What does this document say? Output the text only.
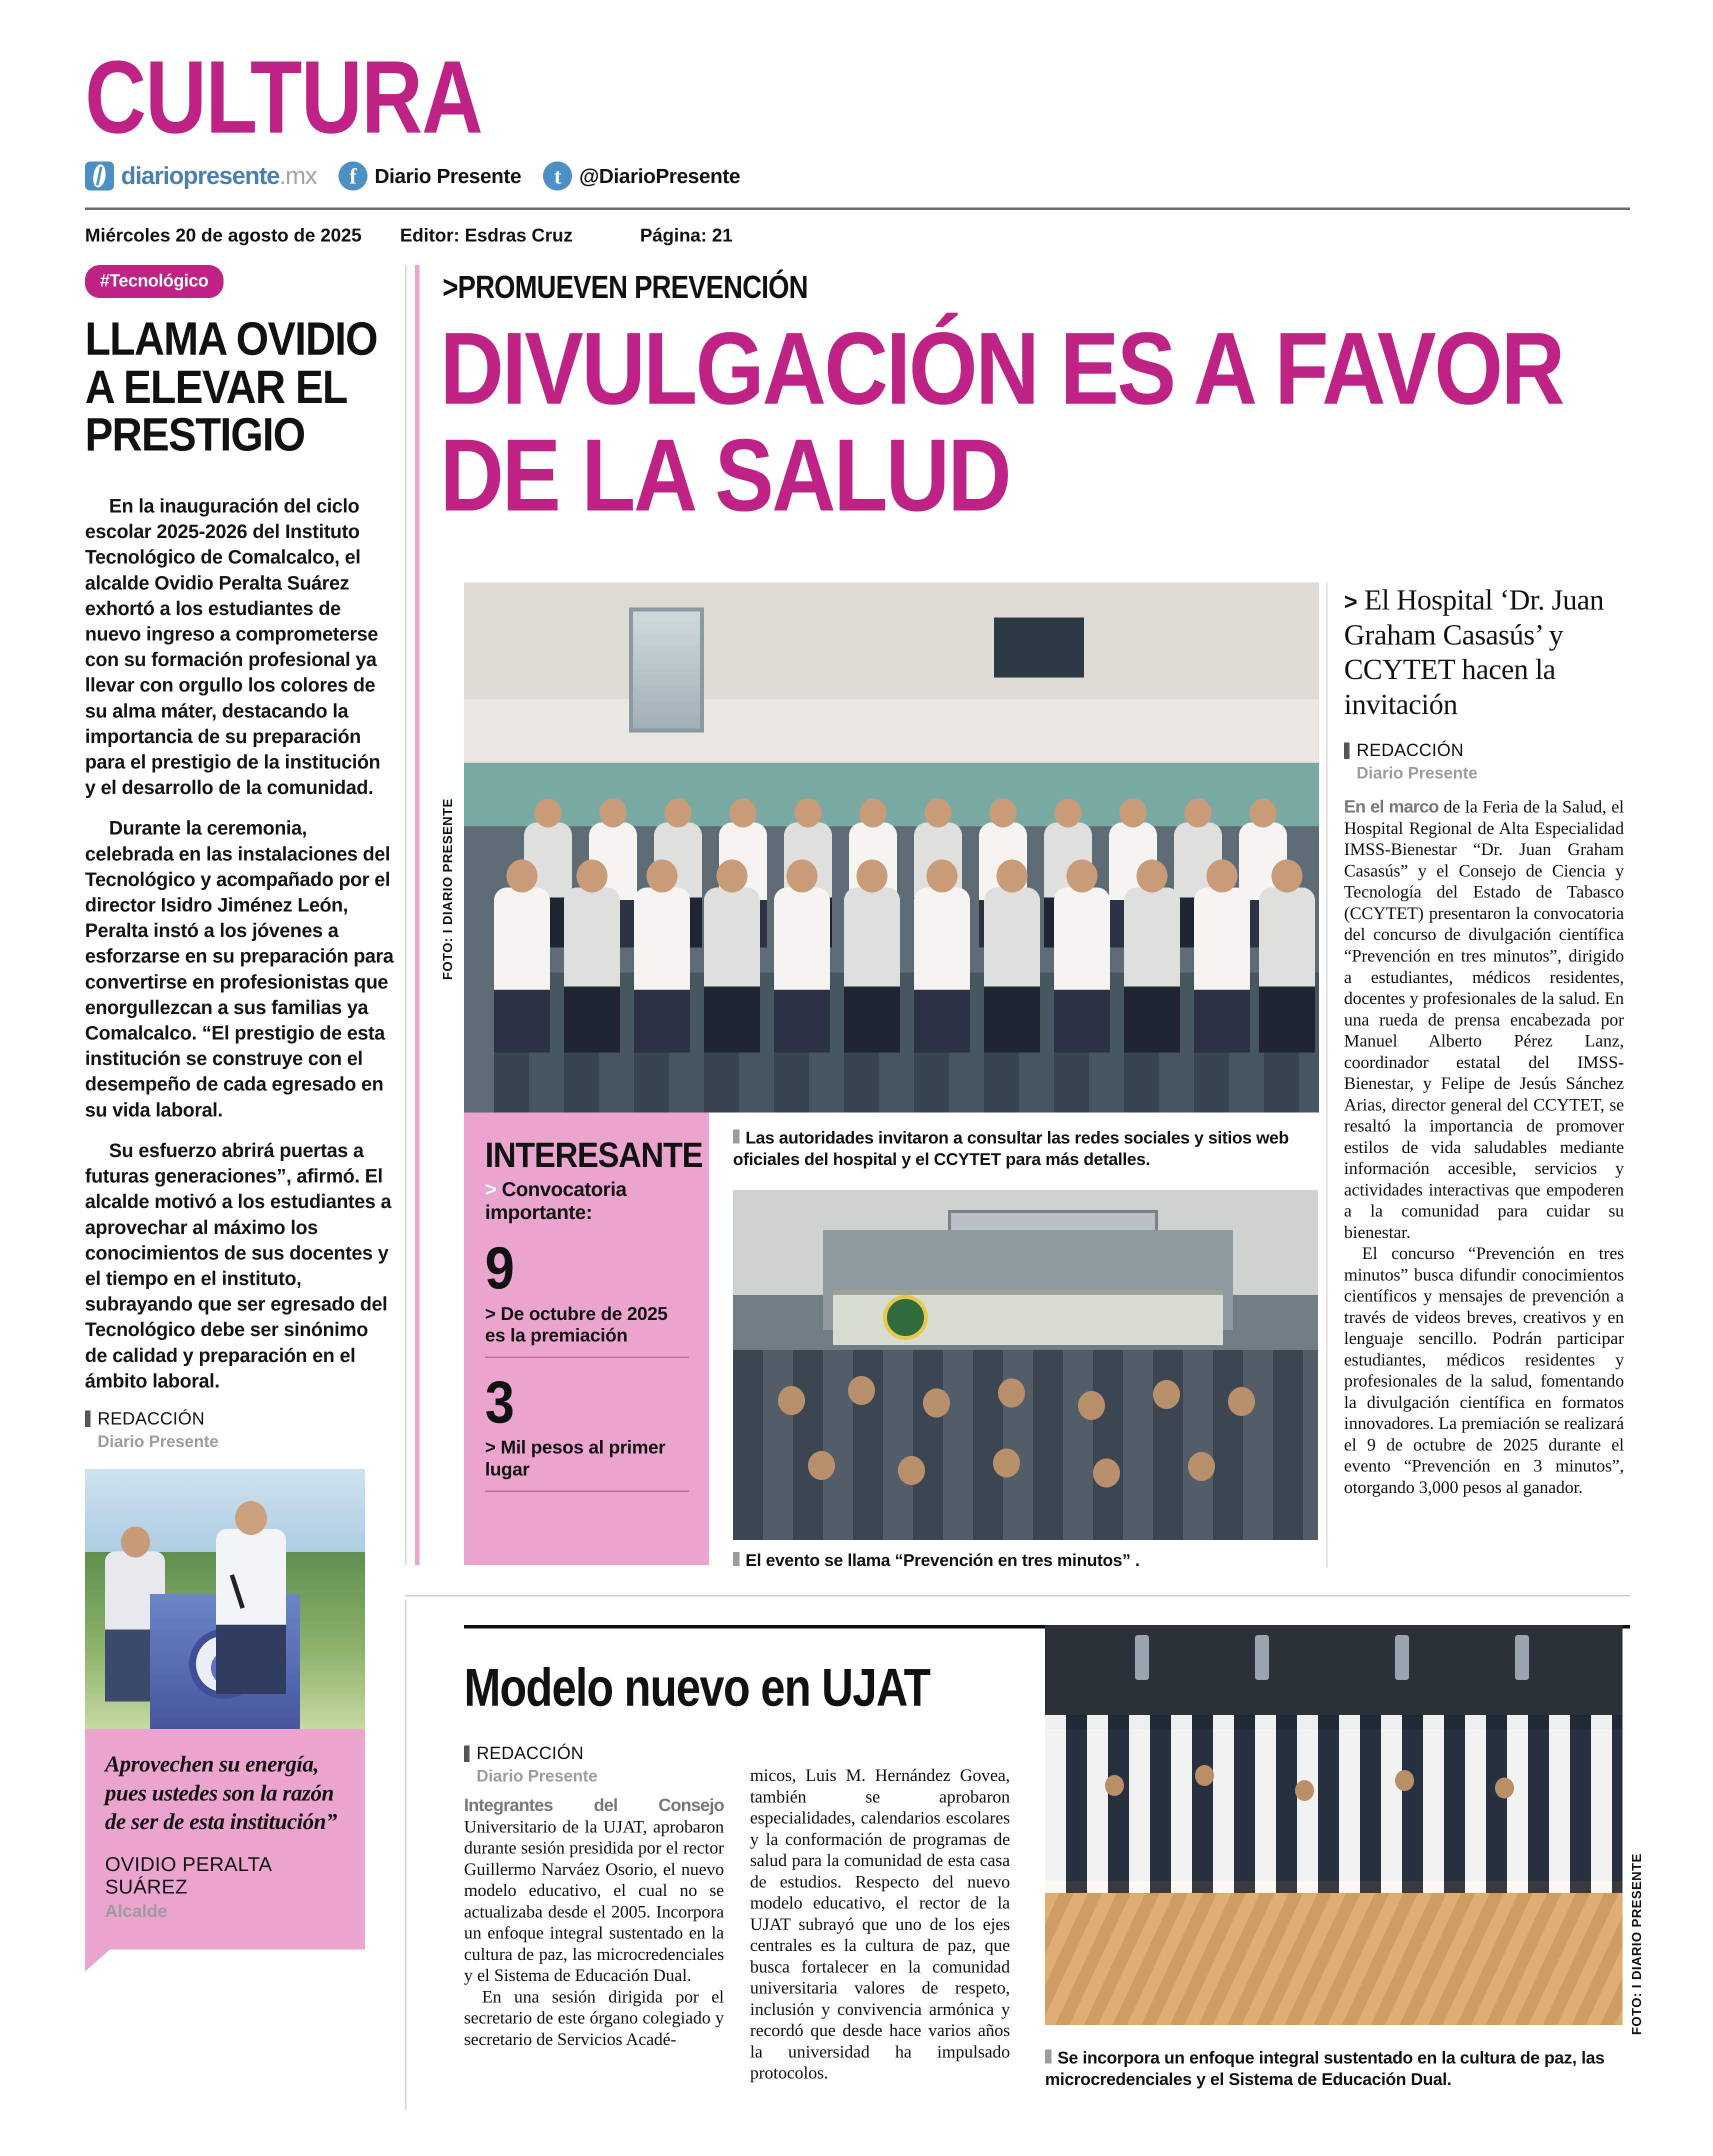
CULTURA
diariopresente.mx	f Diario Presente	t @DiarioPresente
Miércoles 20 de agosto de 2025	Editor: Esdras Cruz	Página: 21
#Tecnológico
LLAMA OVIDIO A ELEVAR EL PRESTIGIO

En la inauguración del ciclo escolar 2025-2026 del Instituto Tecnológico de Comalcalco, el alcalde Ovidio Peralta Suárez exhortó a los estudiantes de nuevo ingreso a comprometerse con su formación profesional ya llevar con orgullo los colores de su alma máter, destacando la importancia de su preparación para el prestigio de la institución y el desarrollo de la comunidad.

Durante la ceremonia, celebrada en las instalaciones del Tecnológico y acompañado por el director Isidro Jiménez León, Peralta instó a los jóvenes a esforzarse en su preparación para convertirse en profesionistas que enorgullezcan a sus familias ya Comalcalco. “El prestigio de esta institución se construye con el desempeño de cada egresado en su vida laboral.

Su esfuerzo abrirá puertas a futuras generaciones”, afirmó. El alcalde motivó a los estudiantes a aprovechar al máximo los conocimientos de sus docentes y el tiempo en el instituto, subrayando que ser egresado del Tecnológico debe ser sinónimo de calidad y preparación en el ámbito laboral.

REDACCIÓN
Diario Presente
Aprovechen su energía, pues ustedes son la razón de ser de esta institución”
OVIDIO PERALTA SUÁREZ
Alcalde
>PROMUEVEN PREVENCIÓN
DIVULGACIÓN ES A FAVOR DE LA SALUD
FOTO: I DIARIO PRESENTE
INTERESANTE
> Convocatoria importante:
9
> De octubre de 2025 es la premiación
3
> Mil pesos al primer lugar
Las autoridades invitaron a consultar las redes sociales y sitios web oficiales del hospital y el CCYTET para más detalles.
El evento se llama “Prevención en tres minutos” .
> El Hospital ‘Dr. Juan Graham Casasús’ y CCYTET hacen la invitación
REDACCIÓN
Diario Presente

En el marco de la Feria de la Salud, el Hospital Regional de Alta Especialidad IMSS-Bienestar “Dr. Juan Graham Casasús” y el Consejo de Ciencia y Tecnología del Estado de Tabasco (CCYTET) presentaron la convocatoria del concurso de divulgación científica “Prevención en tres minutos”, dirigido a estudiantes, médicos residentes, docentes y profesionales de la salud. En una rueda de prensa encabezada por Manuel Alberto Pérez Lanz, coordinador estatal del IMSS-Bienestar, y Felipe de Jesús Sánchez Arias, director general del CCYTET, se resaltó la importancia de promover estilos de vida saludables mediante información accesible, servicios y actividades interactivas que empoderen a la comunidad para cuidar su bienestar.

El concurso “Prevención en tres minutos” busca difundir conocimientos científicos y mensajes de prevención a través de videos breves, creativos y en lenguaje sencillo. Podrán participar estudiantes, médicos residentes y profesionales de la salud, fomentando la divulgación científica en formatos innovadores. La premiación se realizará el 9 de octubre de 2025 durante el evento “Prevención en 3 minutos”, otorgando 3,000 pesos al ganador.

Modelo nuevo en UJAT
REDACCIÓN
Diario Presente

Integrantes del Consejo Universitario de la UJAT, aprobaron durante sesión presidida por el rector Guillermo Narváez Osorio, el nuevo modelo educativo, el cual no se actualizaba desde el 2005. Incorpora un enfoque integral sustentado en la cultura de paz, las microcredenciales y el Sistema de Educación Dual.

En una sesión dirigida por el secretario de este órgano colegiado y secretario de Servicios Acadé-

micos, Luis M. Hernández Govea, también se aprobaron especialidades, calendarios escolares y la conformación de programas de salud para la comunidad de esta casa de estudios. Respecto del nuevo modelo educativo, el rector de la UJAT subrayó que uno de los ejes centrales es la cultura de paz, que busca fortalecer en la comunidad universitaria valores de respeto, inclusión y convivencia armónica y recordó que desde hace varios años la universidad ha impulsado protocolos.

FOTO: I DIARIO PRESENTE
Se incorpora un enfoque integral sustentado en la cultura de paz, las microcredenciales y el Sistema de Educación Dual.
